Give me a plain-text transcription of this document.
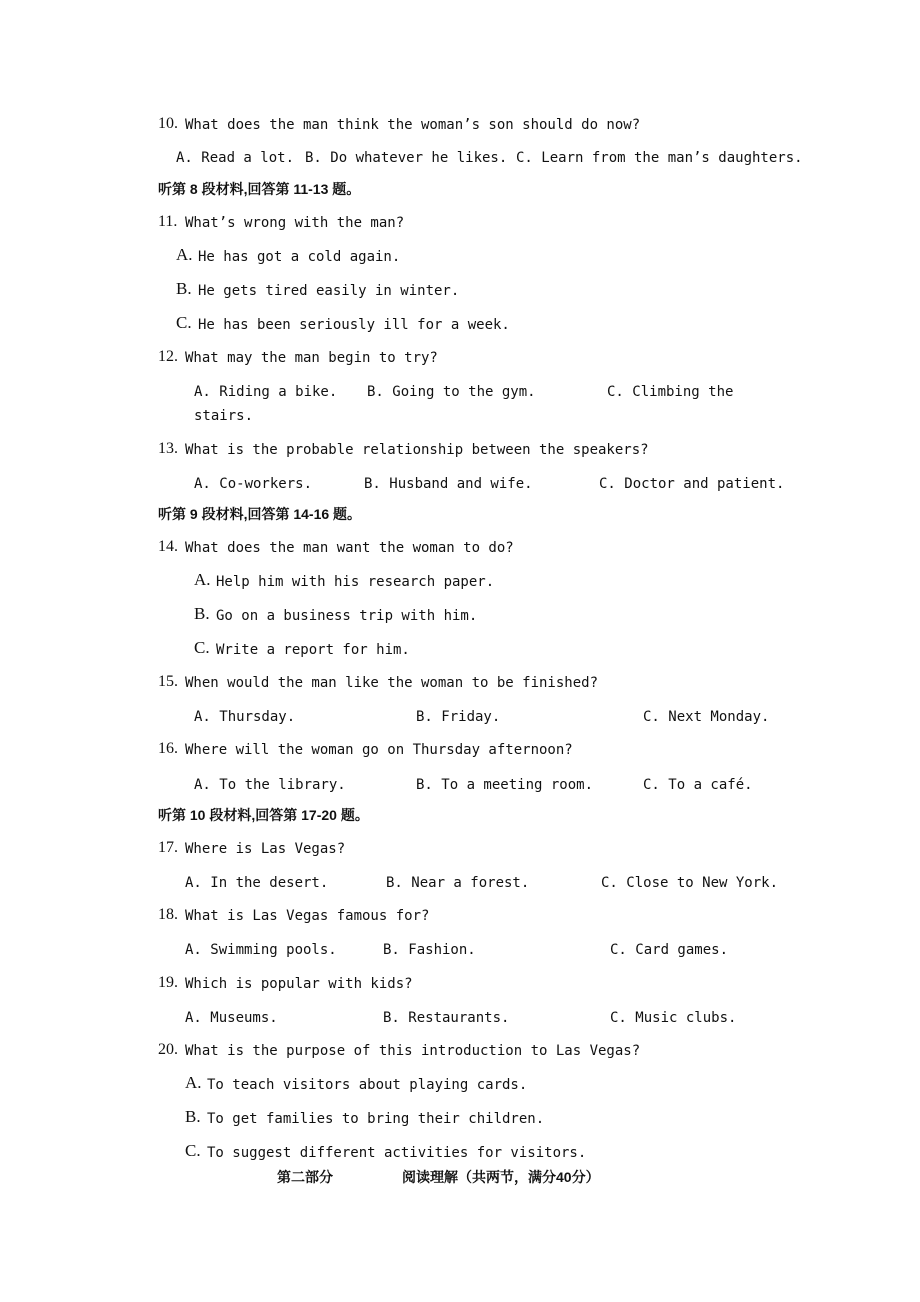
10. What does the man think the woman’s son should do now?
A. Read a lot. B. Do whatever he likes. C. Learn from the man’s daughters.
听第 8 段材料,回答第 11-13 题。
11. What’s wrong with the man?
A. He has got a cold again.
B. He gets tired easily in winter.
C. He has been seriously ill for a week.
12. What may the man begin to try?
A. Riding a bike. B. Going to the gym.	C. Climbing the
stairs.
13. What is the probable relationship between the speakers?
A. Co-workers.	B. Husband and wife.	C. Doctor and patient.
听第 9 段材料,回答第 14-16 题。
14. What does the man want the woman to do?
A. Help him with his research paper.
B. Go on a business trip with him.
C. Write a report for him.
15. When would the man like the woman to be finished?
A. Thursday.	B. Friday.	C. Next Monday.
16. Where will the woman go on Thursday afternoon?
A. To the library.	B. To a meeting room.	C. To a café.
听第 10 段材料,回答第 17-20 题。
17. Where is Las Vegas?
A. In the desert.	B. Near a forest.	C. Close to New York.
18. What is Las Vegas famous for?
A. Swimming pools.	B. Fashion.	C. Card games.
19. Which is popular with kids?
A. Museums.	B. Restaurants.	C. Music clubs.
20. What is the purpose of this introduction to Las Vegas?
A. To teach visitors about playing cards.
B. To get families to bring their children.
C. To suggest different activities for visitors.
第二部分	阅读理解（共两节，满分40分）
